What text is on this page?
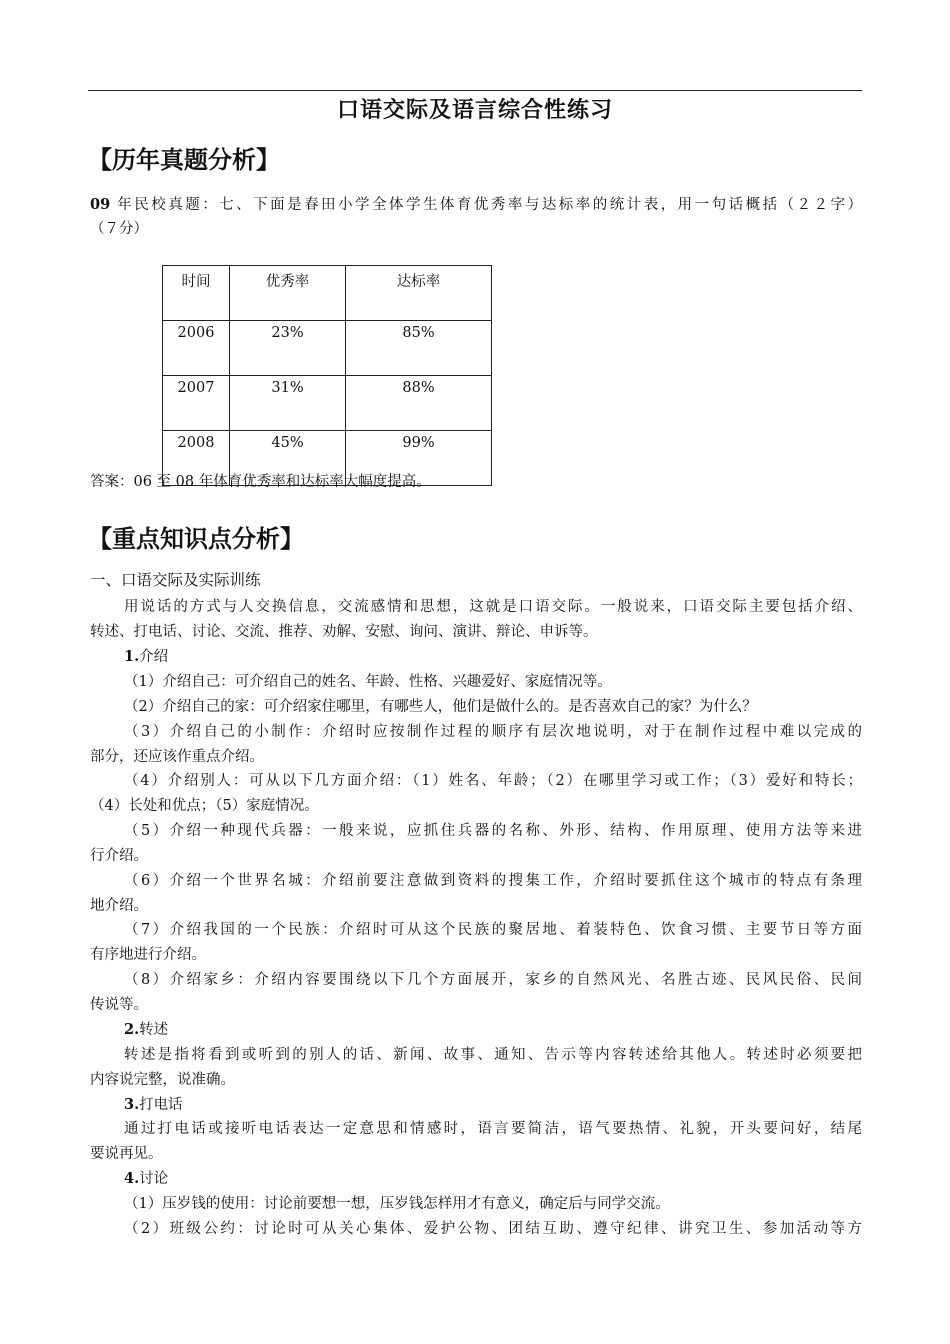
口语交际及语言综合性练习
【历年真题分析】
09 年民校真题：七、下面是春田小学全体学生体育优秀率与达标率的统计表，用一句话概括（２２字）
（７分）
时间	优秀率	达标率
2006	23%	85%
2007	31%	88%
2008	45%	99%
答案：06 至 08 年体育优秀率和达标率大幅度提高。
【重点知识点分析】
一、口语交际及实际训练
用说话的方式与人交换信息，交流感情和思想，这就是口语交际。一般说来，口语交际主要包括介绍、
转述、打电话、讨论、交流、推荐、劝解、安慰、询问、演讲、辩论、申诉等。
1.介绍
（1）介绍自己：可介绍自己的姓名、年龄、性格、兴趣爱好、家庭情况等。
（2）介绍自己的家：可介绍家住哪里，有哪些人，他们是做什么的。是否喜欢自己的家？为什么？
（3）介绍自己的小制作：介绍时应按制作过程的顺序有层次地说明，对于在制作过程中难以完成的
部分，还应该作重点介绍。
（4）介绍别人：可从以下几方面介绍：（1）姓名、年龄；（2）在哪里学习或工作；（3）爱好和特长；
（4）长处和优点；（5）家庭情况。
（5）介绍一种现代兵器：一般来说，应抓住兵器的名称、外形、结构、作用原理、使用方法等来进
行介绍。
（6）介绍一个世界名城：介绍前要注意做到资料的搜集工作，介绍时要抓住这个城市的特点有条理
地介绍。
（7）介绍我国的一个民族：介绍时可从这个民族的聚居地、着装特色、饮食习惯、主要节日等方面
有序地进行介绍。
（8）介绍家乡：介绍内容要围绕以下几个方面展开，家乡的自然风光、名胜古迹、民风民俗、民间
传说等。
2.转述
转述是指将看到或听到的别人的话、新闻、故事、通知、告示等内容转述给其他人。转述时必须要把
内容说完整，说准确。
3.打电话
通过打电话或接听电话表达一定意思和情感时，语言要简洁，语气要热情、礼貌，开头要问好，结尾
要说再见。
4.讨论
（1）压岁钱的使用：讨论前要想一想，压岁钱怎样用才有意义，确定后与同学交流。
（2）班级公约：讨论时可从关心集体、爱护公物、团结互助、遵守纪律、讲究卫生、参加活动等方
